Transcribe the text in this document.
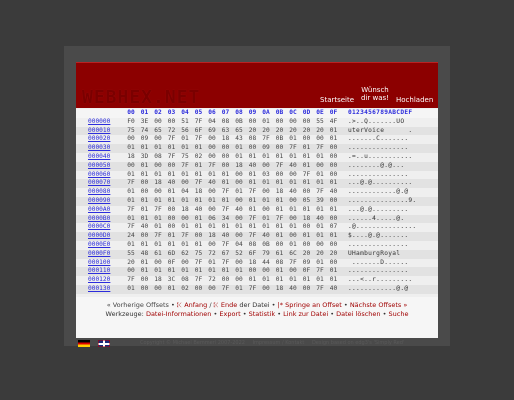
WEBHEX.NET	Startseite
Wünsch
dir was! Hochladen
00 01 02 03 04 05 06 07 08 09 0A 0B 0C 0D 0E 0F 0123456789ABCDEF
000000	F0 3E 00 00 51 7F 04 08 0B 00 01 00 00 00 55 4F .>..Q.......UO
000010	75 74 65 72 56 6F 69 63 65 20 20 20 20 20 20 01 uterVoice      .
000020	00 09 00 7F 01 7F 00 18 43 08 7F 0B 01 00 00 01 .......C.......
000030	01 01 01 01 01 01 00 00 01 00 09 00 7F 01 7F 00 ...............
000040	18 3D 08 7F 75 02 00 00 01 01 01 01 01 01 01 00 .=..u...........
000050	00 01 00 00 7F 01 7F 00 18 40 00 7F 40 01 00 00 ........@.@...
000060	01 01 01 01 01 01 01 01 00 01 03 00 00 7F 01 00 ...............
000070	7F 00 18 40 00 7F 40 01 00 01 01 01 01 01 01 01 ...@.@..........
000080	01 00 00 01 04 18 00 7F 01 7F 00 18 40 00 7F 40 ............@.@
000090	01 01 01 01 01 01 01 01 00 01 01 01 00 05 39 00 ...............9.
0000A0	7F 01 7F 00 18 40 00 7F 40 01 00 01 01 01 01 01 ...@.@.........
0000B0	01 01 01 00 00 01 06 34 00 7F 01 7F 00 18 40 00 ......4.....@.
0000C0	7F 40 01 00 01 01 01 01 01 01 01 01 01 00 01 07 .@...............
0000D0	24 00 7F 01 7F 00 18 40 00 7F 40 01 00 01 01 01 $....@.@.......
0000E0	01 01 01 01 01 01 00 7F 04 08 0B 00 01 00 00 00 ...............
0000F0	55 48 61 6D 62 75 72 67 52 6F 79 61 6C 20 20 20 UHamburgRoyal
000100	20 01 00 0F 00 7F 01 7F 00 18 44 08 7F 09 01 00 .......D......
000110	00 01 01 01 01 01 01 01 01 00 00 01 00 0F 7F 01 ...............
000120	7F 00 18 3C 08 7F 72 00 00 01 01 01 01 01 01 01 ...<..r.........
000130	01 00 00 01 02 00 00 7F 01 7F 00 18 40 00 7F 40 ............@.@
« Vorherige Offsets • ⤪ Anfang / ⤪ Ende der Datei • |* Springe an Offset • Nächste Offsets »
Werkzeuge: Datei-Informationen • Export • Statistik • Link zur Datei • Datei löschen • Suche

Copyright © Michael Bemmerl 2007-2022 Impressum / Kontakt Design based on edg3's 'Simply Red'
